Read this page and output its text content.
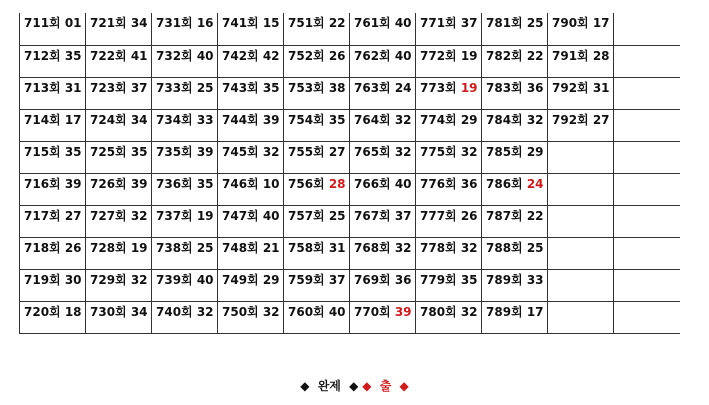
711회 01	721회 34	731회 16	741회 15	751회 22	761회 40	771회 37	781회 25	790회 17	
712회 35	722회 41	732회 40	742회 42	752회 26	762회 40	772회 19	782회 22	791회 28	
713회 31	723회 37	733회 25	743회 35	753회 38	763회 24	773회 19	783회 36	792회 31	
714회 17	724회 34	734회 33	744회 39	754회 35	764회 32	774회 29	784회 32	792회 27	
715회 35	725회 35	735회 39	745회 32	755회 27	765회 32	775회 32	785회 29		
716회 39	726회 39	736회 35	746회 10	756회 28	766회 40	776회 36	786회 24		
717회 27	727회 32	737회 19	747회 40	757회 25	767회 37	777회 26	787회 22		
718회 26	728회 19	738회 25	748회 21	758회 31	768회 32	778회 32	788회 25		
719회 30	729회 32	739회 40	749회 29	759회 37	769회 36	779회 35	789회 33		
720회 18	730회 34	740회 32	750회 32	760회 40	770회 39	780회 32	789회 17		
◆ 완제 ◆ ◆ 출 ◆
